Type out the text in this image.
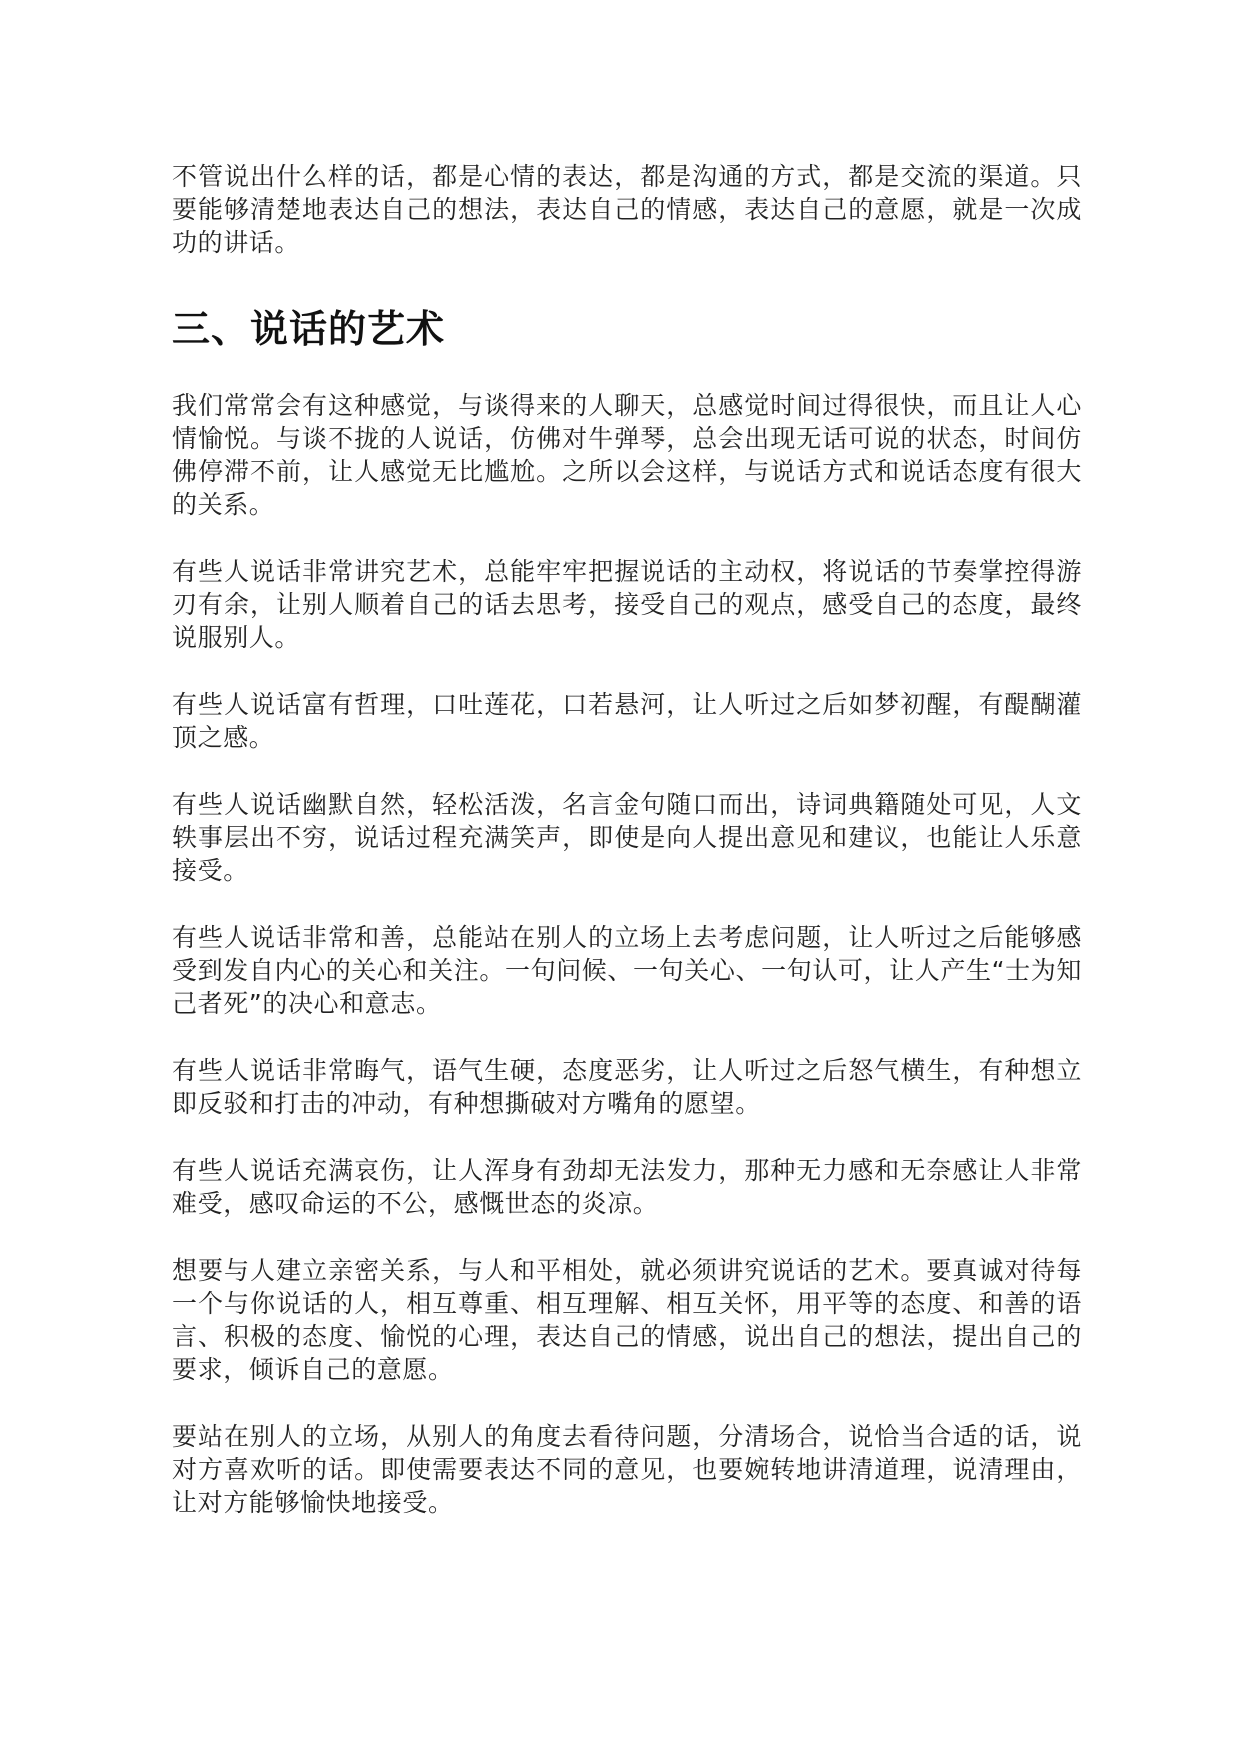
不管说出什么样的话，都是心情的表达，都是沟通的方式，都是交流的渠道。只要能够清楚地表达自己的想法，表达自己的情感，表达自己的意愿，就是一次成功的讲话。

三、说话的艺术

我们常常会有这种感觉，与谈得来的人聊天，总感觉时间过得很快，而且让人心情愉悦。与谈不拢的人说话，仿佛对牛弹琴，总会出现无话可说的状态，时间仿佛停滞不前，让人感觉无比尴尬。之所以会这样，与说话方式和说话态度有很大的关系。

有些人说话非常讲究艺术，总能牢牢把握说话的主动权，将说话的节奏掌控得游刃有余，让别人顺着自己的话去思考，接受自己的观点，感受自己的态度，最终说服别人。

有些人说话富有哲理，口吐莲花，口若悬河，让人听过之后如梦初醒，有醍醐灌顶之感。

有些人说话幽默自然，轻松活泼，名言金句随口而出，诗词典籍随处可见，人文轶事层出不穷，说话过程充满笑声，即使是向人提出意见和建议，也能让人乐意接受。

有些人说话非常和善，总能站在别人的立场上去考虑问题，让人听过之后能够感受到发自内心的关心和关注。一句问候、一句关心、一句认可，让人产生“士为知己者死”的决心和意志。

有些人说话非常晦气，语气生硬，态度恶劣，让人听过之后怒气横生，有种想立即反驳和打击的冲动，有种想撕破对方嘴角的愿望。

有些人说话充满哀伤，让人浑身有劲却无法发力，那种无力感和无奈感让人非常难受，感叹命运的不公，感慨世态的炎凉。

想要与人建立亲密关系，与人和平相处，就必须讲究说话的艺术。要真诚对待每一个与你说话的人，相互尊重、相互理解、相互关怀，用平等的态度、和善的语言、积极的态度、愉悦的心理，表达自己的情感，说出自己的想法，提出自己的要求，倾诉自己的意愿。

要站在别人的立场，从别人的角度去看待问题，分清场合，说恰当合适的话，说对方喜欢听的话。即使需要表达不同的意见，也要婉转地讲清道理，说清理由，让对方能够愉快地接受。
